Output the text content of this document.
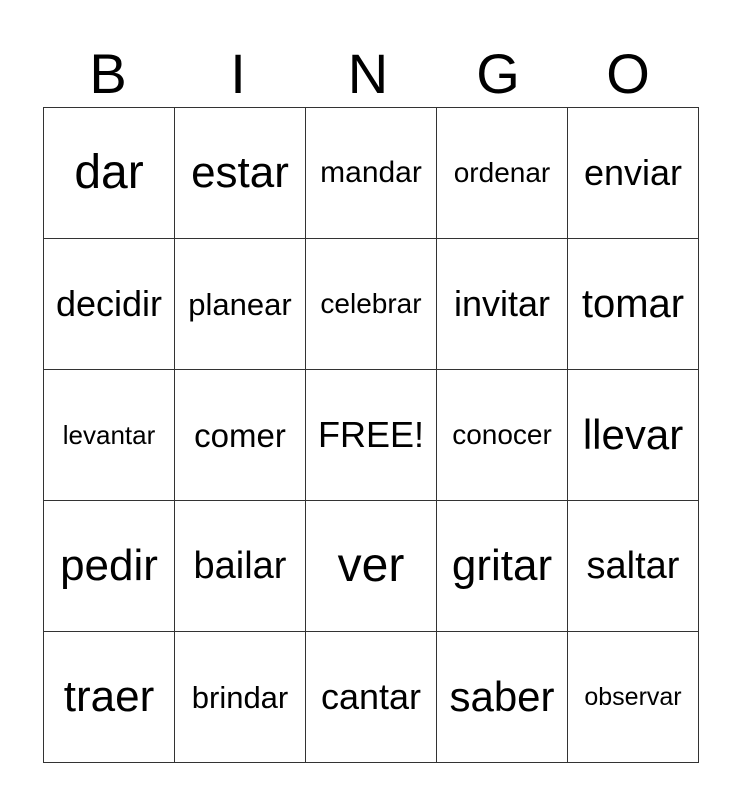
B	I	N	G	O
dar	estar	mandar	ordenar	enviar
decidir	planear	celebrar	invitar	tomar
levantar	comer	FREE!	conocer	llevar
pedir	bailar	ver	gritar	saltar
traer	brindar	cantar	saber	observar
